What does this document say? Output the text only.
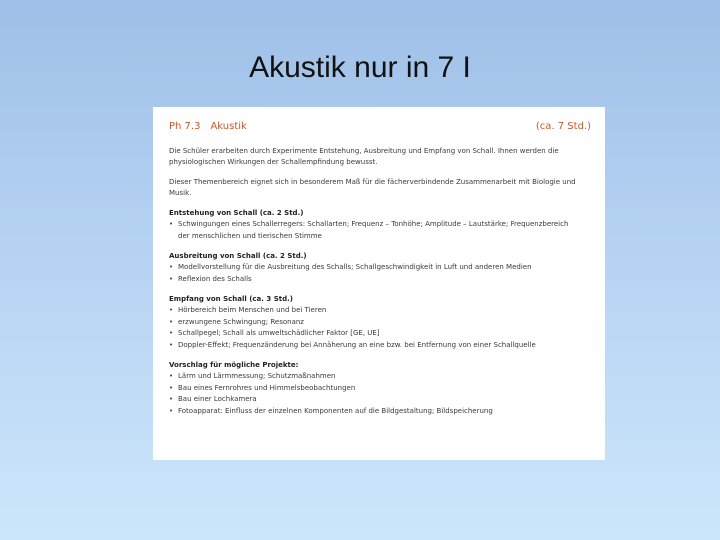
Akustik nur in 7 I
Ph 7.3 Akustik	(ca. 7 Std.)
Die Schüler erarbeiten durch Experimente Entstehung, Ausbreitung und Empfang von Schall. Ihnen werden die physiologischen Wirkungen der Schallempfindung bewusst.
Dieser Themenbereich eignet sich in besonderem Maß für die fächerverbindende Zusammenarbeit mit Biologie und Musik.
Entstehung von Schall (ca. 2 Std.)
• Schwingungen eines Schallerregers: Schallarten; Frequenz – Tonhöhe; Amplitude – Lautstärke; Frequenzbereich
der menschlichen und tierischen Stimme
Ausbreitung von Schall (ca. 2 Std.)
• Modellvorstellung für die Ausbreitung des Schalls; Schallgeschwindigkeit in Luft und anderen Medien
• Reflexion des Schalls
Empfang von Schall (ca. 3 Std.)
• Hörbereich beim Menschen und bei Tieren
• erzwungene Schwingung; Resonanz
• Schallpegel; Schall als umweltschädlicher Faktor [GE, UE]
• Doppler-Effekt; Frequenzänderung bei Annäherung an eine bzw. bei Entfernung von einer Schallquelle
Vorschlag für mögliche Projekte:
• Lärm und Lärmmessung; Schutzmaßnahmen
• Bau eines Fernrohres und Himmelsbeobachtungen
• Bau einer Lochkamera
• Fotoapparat: Einfluss der einzelnen Komponenten auf die Bildgestaltung; Bildspeicherung
